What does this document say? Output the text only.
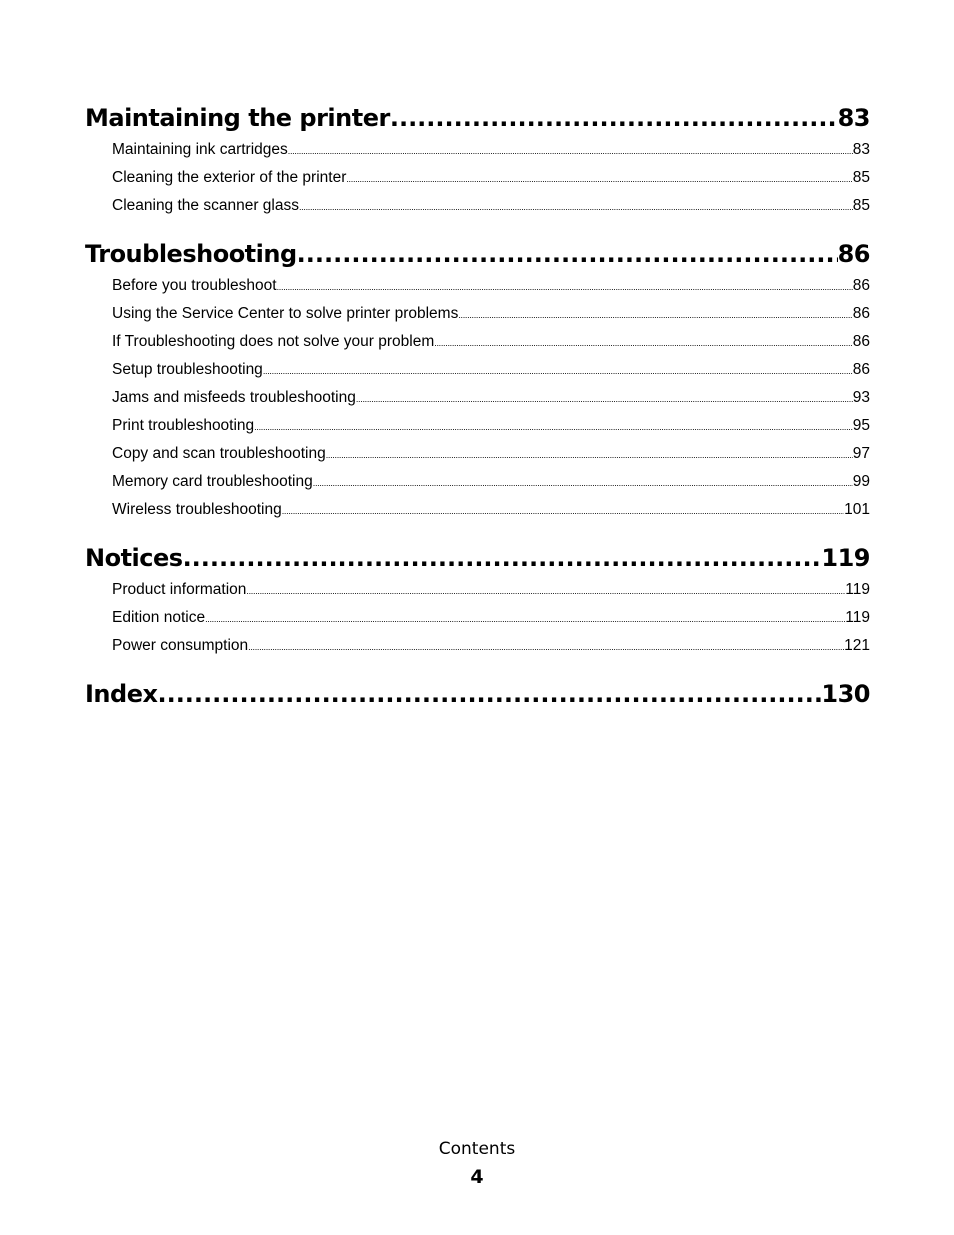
Maintaining the printer .....	83
Maintaining ink cartridges .....	83
Cleaning the exterior of the printer .....	85
Cleaning the scanner glass .....	85
Troubleshooting .....	86
Before you troubleshoot .....	86
Using the Service Center to solve printer problems .....	86
If Troubleshooting does not solve your problem .....	86
Setup troubleshooting .....	86
Jams and misfeeds troubleshooting .....	93
Print troubleshooting .....	95
Copy and scan troubleshooting .....	97
Memory card troubleshooting .....	99
Wireless troubleshooting .....	101
Notices .....	119
Product information .....	119
Edition notice .....	119
Power consumption .....	121
Index .....	130
Contents
4
